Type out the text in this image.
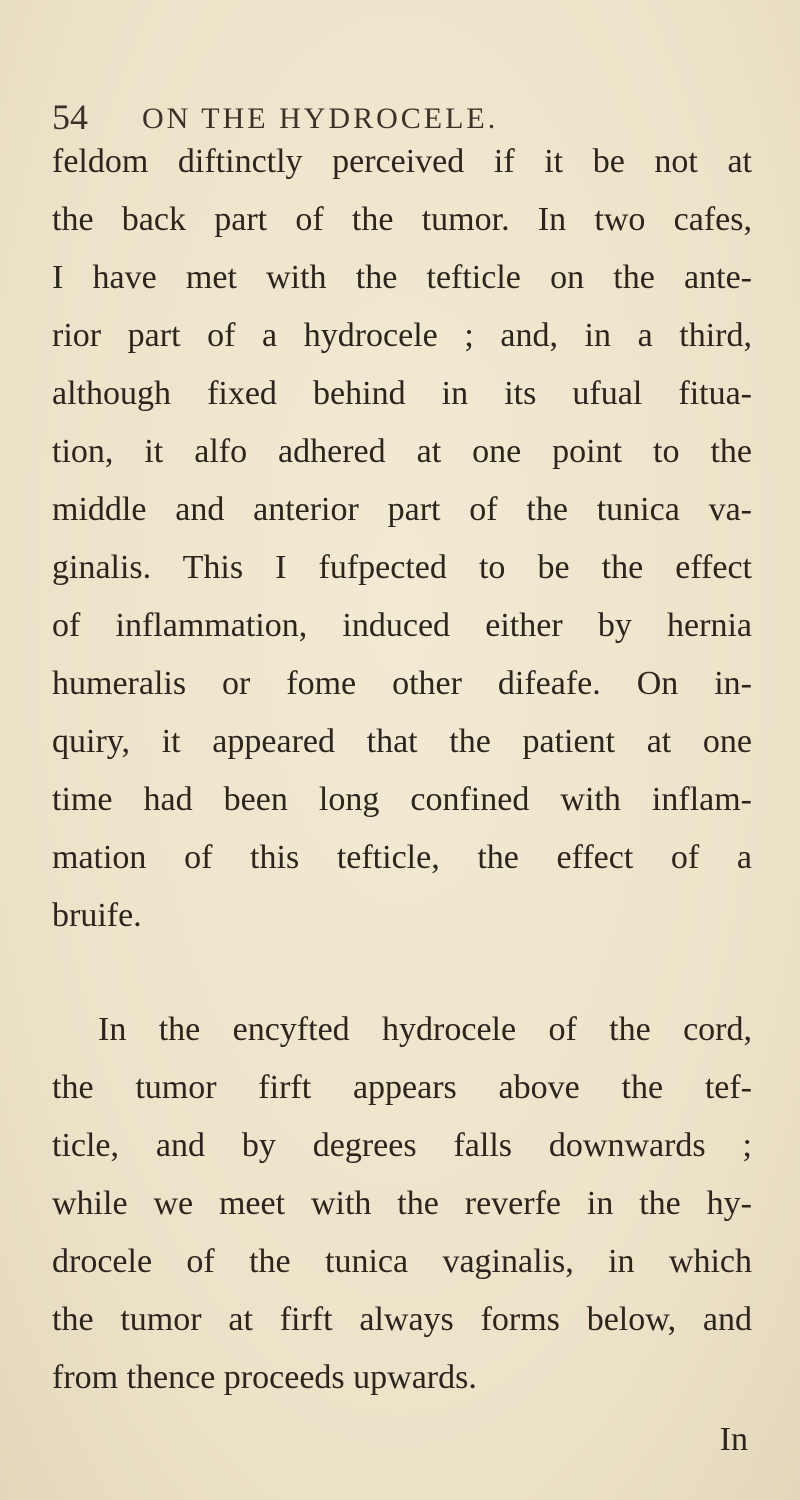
54 ON THE HYDROCELE.
feldom diftinctly perceived if it be not at
the back part of the tumor. In two cafes,
I have met with the tefticle on the ante-
rior part of a hydrocele ; and, in a third,
although fixed behind in its ufual fitua-
tion, it alfo adhered at one point to the
middle and anterior part of the tunica va-
ginalis. This I fufpected to be the effect
of inflammation, induced either by hernia
humeralis or fome other difeafe. On in-
quiry, it appeared that the patient at one
time had been long confined with inflam-
mation of this tefticle, the effect of a
bruife.
In the encyfted hydrocele of the cord,
the tumor firft appears above the tef-
ticle, and by degrees falls downwards ;
while we meet with the reverfe in the hy-
drocele of the tunica vaginalis, in which
the tumor at firft always forms below, and
from thence proceeds upwards.
In
